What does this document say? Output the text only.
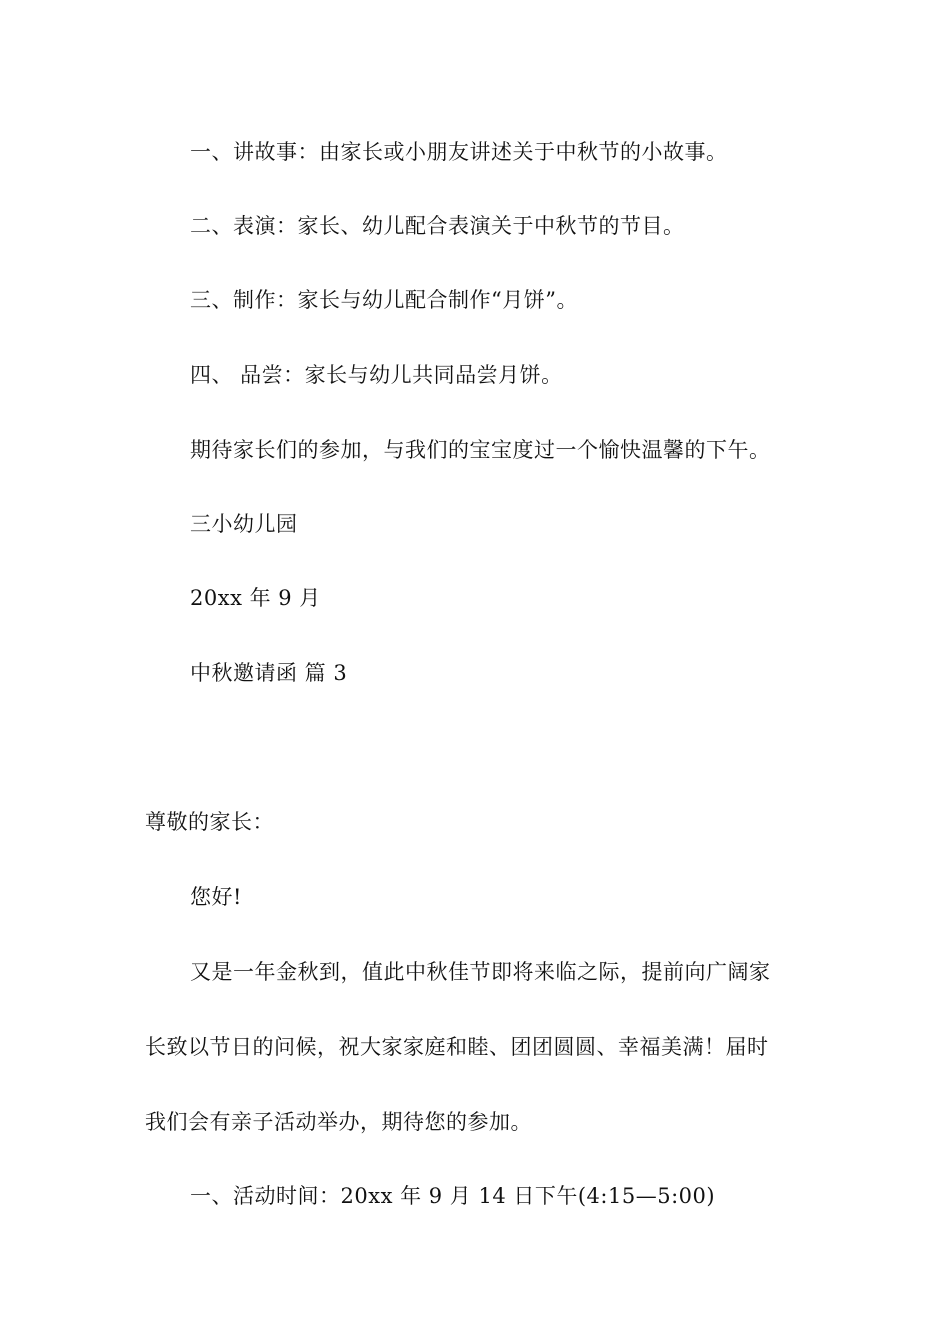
一、讲故事：由家长或小朋友讲述关于中秋节的小故事。
二、表演：家长、幼儿配合表演关于中秋节的节目。
三、制作：家长与幼儿配合制作“月饼”。
四、 品尝：家长与幼儿共同品尝月饼。
期待家长们的参加，与我们的宝宝度过一个愉快温馨的下午。
三小幼儿园
20xx 年 9 月
中秋邀请函 篇 3
尊敬的家长：
您好!
又是一年金秋到，值此中秋佳节即将来临之际，提前向广阔家
长致以节日的问候，祝大家家庭和睦、团团圆圆、幸福美满！届时
我们会有亲子活动举办，期待您的参加。
一、活动时间：20xx 年 9 月 14 日下午(4:15—5:00)
